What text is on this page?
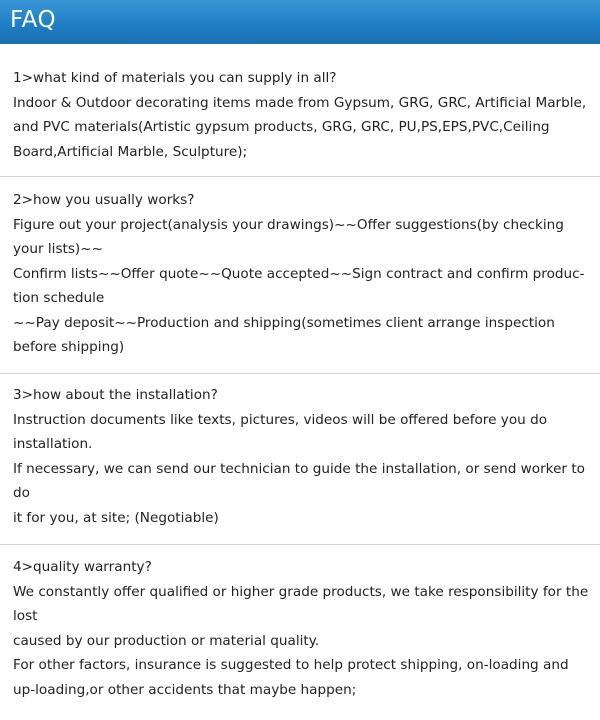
FAQ
1>what kind of materials you can supply in all?
Indoor & Outdoor decorating items made from Gypsum, GRG, GRC, Artificial Marble,
and PVC materials(Artistic gypsum products, GRG, GRC, PU,PS,EPS,PVC,Ceiling
Board,Artificial Marble, Sculpture);
2>how you usually works?
Figure out your project(analysis your drawings)~~Offer suggestions(by checking
your lists)~~
Confirm lists~~Offer quote~~Quote accepted~~Sign contract and confirm produc-
tion schedule
~~Pay deposit~~Production and shipping(sometimes client arrange inspection
before shipping)
3>how about the installation?
Instruction documents like texts, pictures, videos will be offered before you do
installation.
If necessary, we can send our technician to guide the installation, or send worker to
do
it for you, at site; (Negotiable)
4>quality warranty?
We constantly offer qualified or higher grade products, we take responsibility for the
lost
caused by our production or material quality.
For other factors, insurance is suggested to help protect shipping, on-loading and
up-loading,or other accidents that maybe happen;
